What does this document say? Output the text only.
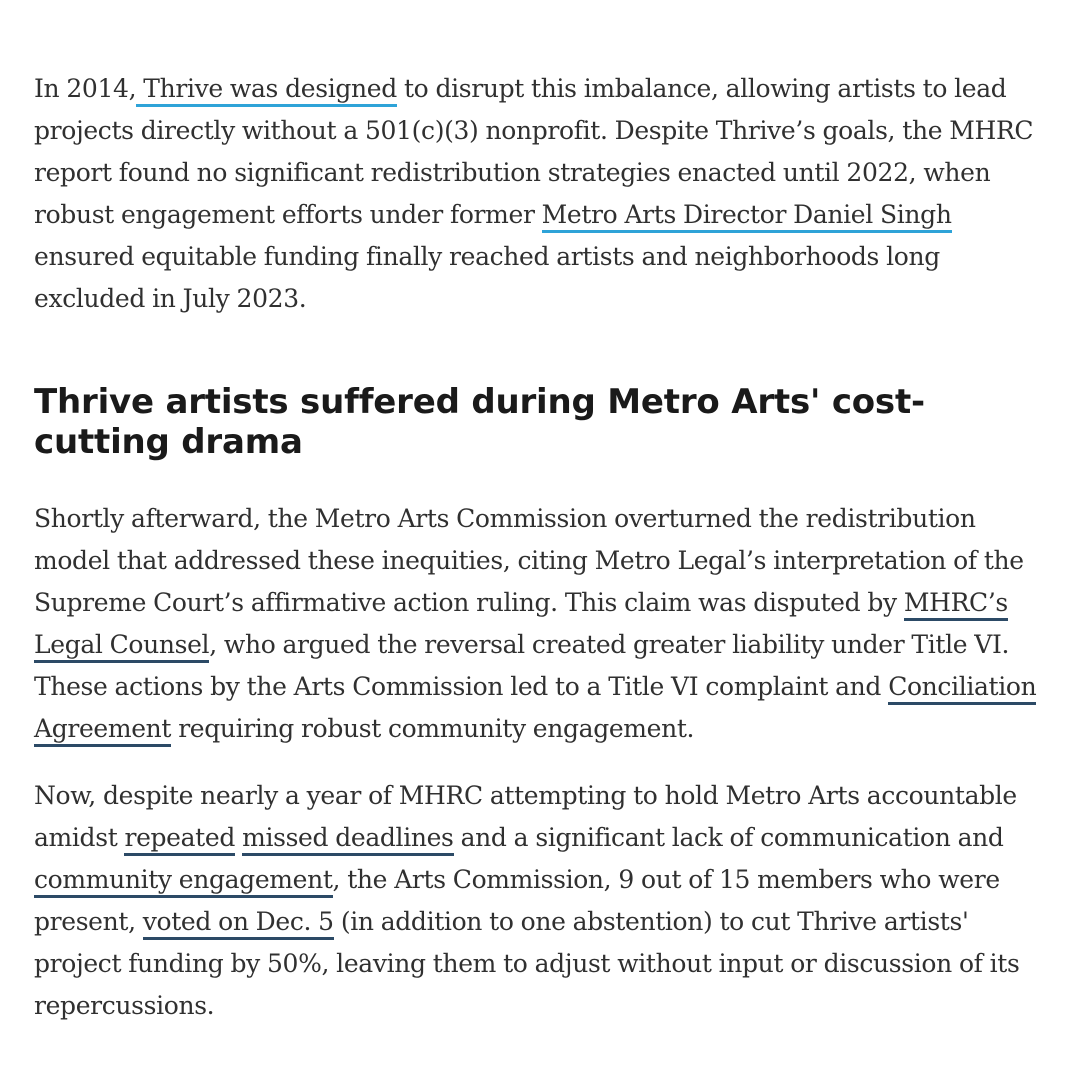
In 2014, Thrive was designed to disrupt this imbalance, allowing artists to lead projects directly without a 501(c)(3) nonprofit. Despite Thrive’s goals, the MHRC report found no significant redistribution strategies enacted until 2022, when robust engagement efforts under former Metro Arts Director Daniel Singh ensured equitable funding finally reached artists and neighborhoods long excluded in July 2023.

Thrive artists suffered during Metro Arts' cost-cutting drama

Shortly afterward, the Metro Arts Commission overturned the redistribution model that addressed these inequities, citing Metro Legal’s interpretation of the Supreme Court’s affirmative action ruling. This claim was disputed by MHRC’s Legal Counsel, who argued the reversal created greater liability under Title VI. These actions by the Arts Commission led to a Title VI complaint and Conciliation Agreement requiring robust community engagement.

Now, despite nearly a year of MHRC attempting to hold Metro Arts accountable amidst repeated missed deadlines and a significant lack of communication and community engagement, the Arts Commission, 9 out of 15 members who were present, voted on Dec. 5 (in addition to one abstention) to cut Thrive artists' project funding by 50%, leaving them to adjust without input or discussion of its repercussions.
